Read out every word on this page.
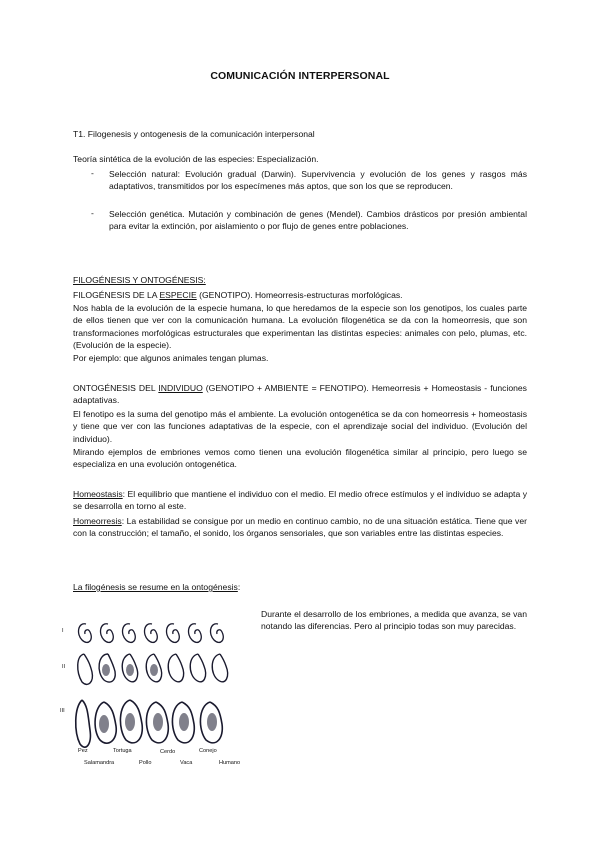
COMUNICACIÓN INTERPERSONAL
T1. Filogenesis y ontogenesis de la comunicación interpersonal
Teoría sintética de la evolución de las especies: Especialización.
- Selección natural: Evolución gradual (Darwin). Supervivencia y evolución de los genes y rasgos más adaptativos, transmitidos por los especímenes más aptos, que son los que se reproducen.
- Selección genética. Mutación y combinación de genes (Mendel). Cambios drásticos por presión ambiental para evitar la extinción, por aislamiento o por flujo de genes entre poblaciones.
FILOGÉNESIS Y ONTOGÉNESIS:
FILOGÉNESIS DE LA ESPECIE (GENOTIPO). Homeorresis-estructuras morfológicas.
Nos habla de la evolución de la especie humana, lo que heredamos de la especie son los genotipos, los cuales parte de ellos tienen que ver con la comunicación humana. La evolución filogenética se da con la homeorresis, que son transformaciones morfológicas estructurales que experimentan las distintas especies: animales con pelo, plumas, etc. (Evolución de la especie).
Por ejemplo: que algunos animales tengan plumas.
ONTOGÉNESIS DEL INDIVIDUO (GENOTIPO + AMBIENTE = FENOTIPO). Hemeorresis + Homeostasis - funciones adaptativas.
El fenotipo es la suma del genotipo más el ambiente. La evolución ontogenética se da con homeorresis + homeostasis y tiene que ver con las funciones adaptativas de la especie, con el aprendizaje social del individuo. (Evolución del individuo).
Mirando ejemplos de embriones vemos como tienen una evolución filogenética similar al principio, pero luego se especializa en una evolución ontogenética.
Homeostasis: El equilibrio que mantiene el individuo con el medio. El medio ofrece estímulos y el individuo se adapta y se desarrolla en torno al este.
Homeorresis: La estabilidad se consigue por un medio en continuo cambio, no de una situación estática. Tiene que ver con la construcción; el tamaño, el sonido, los órganos sensoriales, que son variables entre las distintas especies.
La filogénesis se resume en la ontogénesis:
Durante el desarrollo de los embriones, a medida que avanza, se van notando las diferencias. Pero al principio todas son muy parecidas.
I
II
III
Pez	Tortuga	Cerdo	Conejo
Salamandra	Pollo	Vaca	Humano
